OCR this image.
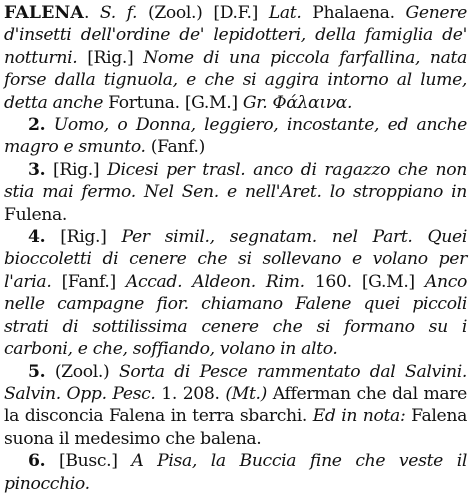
FALENA. S. f. (Zool.) [D.F.] Lat. Phalaena. Genere d'insetti dell'ordine de' lepidotteri, della famiglia de' notturni. [Rig.] Nome di una piccola farfallina, nata forse dalla tignuola, e che si aggira intorno al lume, detta anche Fortuna. [G.M.] Gr. Φάλαινα.

2. Uomo, o Donna, leggiero, incostante, ed anche magro e smunto. (Fanf.)

3. [Rig.] Dicesi per trasl. anco di ragazzo che non stia mai fermo. Nel Sen. e nell'Aret. lo stroppiano in Fulena.

4. [Rig.] Per simil., segnatam. nel Part. Quei bioccoletti di cenere che si sollevano e volano per l'aria. [Fanf.] Accad. Aldeon. Rim. 160. [G.M.] Anco nelle campagne fior. chiamano Falene quei piccoli strati di sottilissima cenere che si formano su i carboni, e che, soffiando, volano in alto.

5. (Zool.) Sorta di Pesce rammentato dal Salvini. Salvin. Opp. Pesc. 1. 208. (Mt.) Afferman che dal mare la disconcia Falena in terra sbarchi. Ed in nota: Falena suona il medesimo che balena.

6. [Busc.] A Pisa, la Buccia fine che veste il pinocchio.
